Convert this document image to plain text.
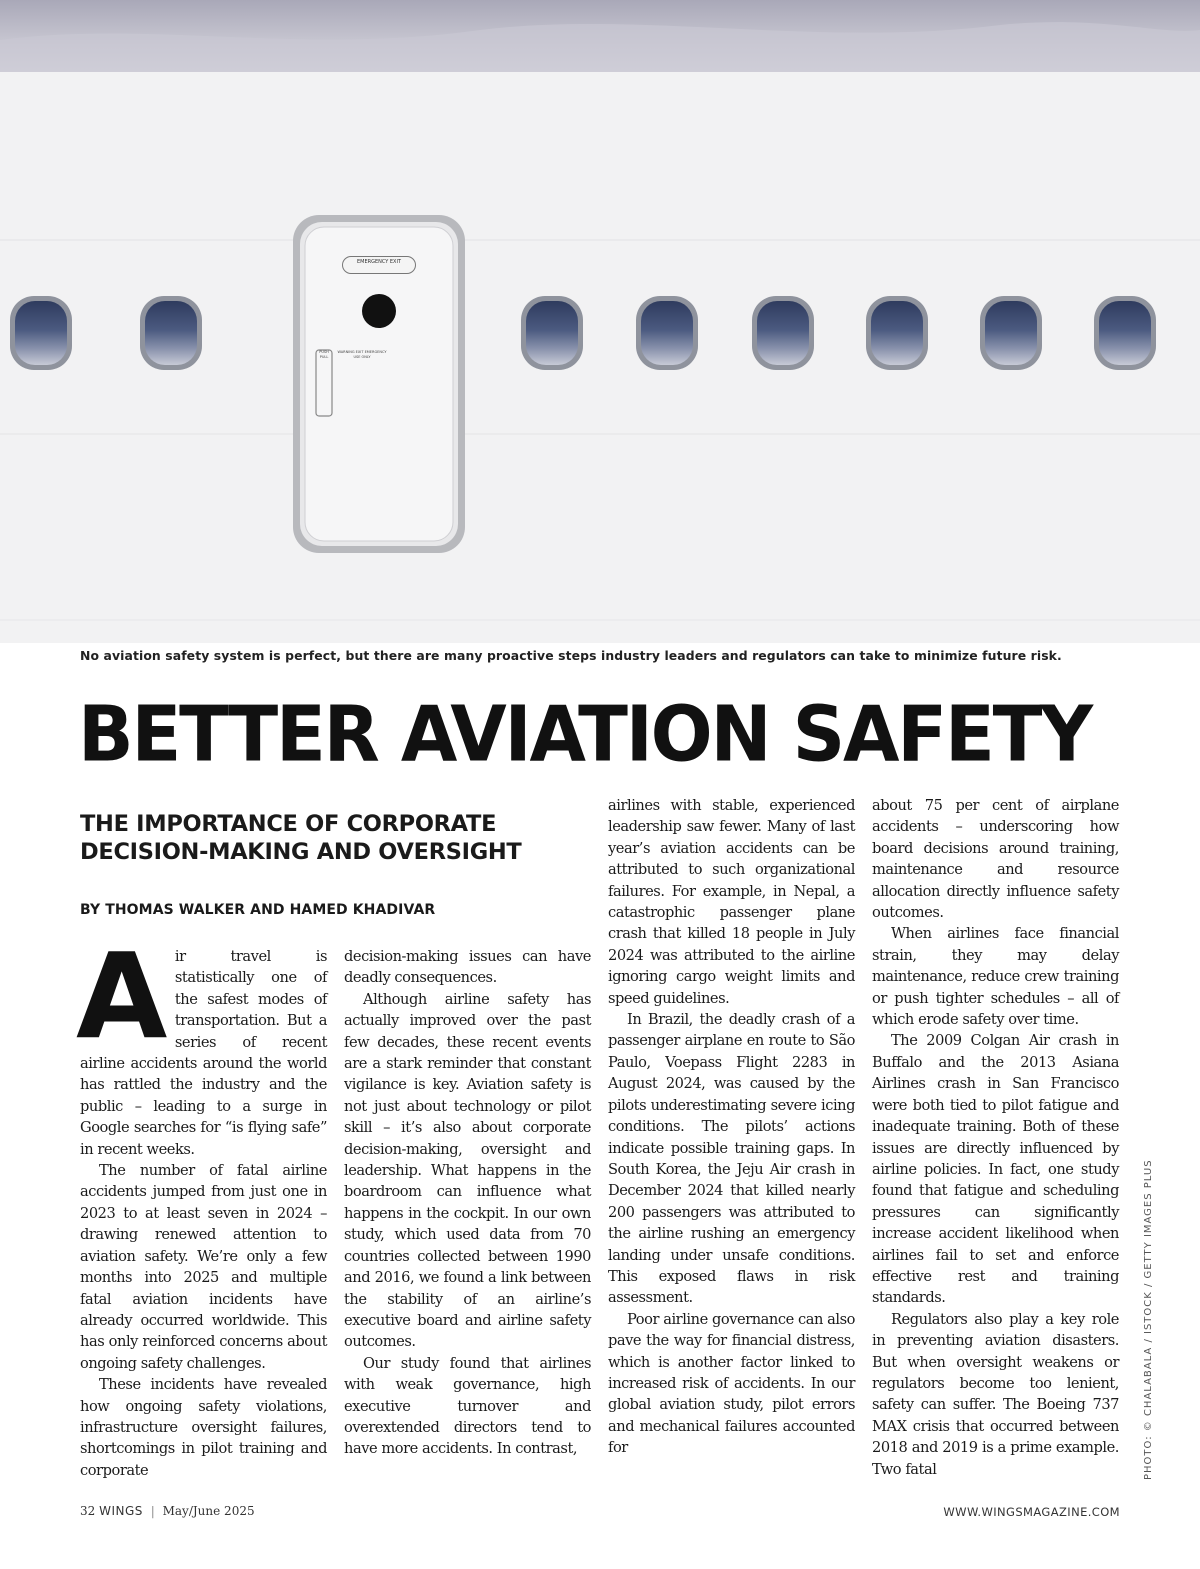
EMERGENCY EXIT
WARNING EXIT EMERGENCY USE ONLY
PUSH PULL
No aviation safety system is perfect, but there are many proactive steps industry leaders and regulators can take to minimize future risk.
BETTER AVIATION SAFETY
THE IMPORTANCE OF CORPORATE DECISION-MAKING AND OVERSIGHT
BY THOMAS WALKER AND HAMED KHADIVAR
A ir travel is statistically one of the safest modes of transportation. But a series of recent airline accidents around the world has rattled the industry and the public – leading to a surge in Google searches for “is flying safe” in recent weeks.

The number of fatal airline accidents jumped from just one in 2023 to at least seven in 2024 – drawing renewed attention to aviation safety. We’re only a few months into 2025 and multiple fatal aviation incidents have already occurred worldwide. This has only reinforced concerns about ongoing safety challenges.

These incidents have revealed how ongoing safety violations, infrastructure oversight failures, shortcomings in pilot training and corporate

decision-making issues can have deadly consequences.

Although airline safety has actually improved over the past few decades, these recent events are a stark reminder that constant vigilance is key. Aviation safety is not just about technology or pilot skill – it’s also about corporate decision-making, oversight and leadership. What happens in the boardroom can influence what happens in the cockpit. In our own study, which used data from 70 countries collected between 1990 and 2016, we found a link between the stability of an airline’s executive board and airline safety outcomes.

Our study found that airlines with weak governance, high executive turnover and overextended directors tend to have more accidents. In contrast,

airlines with stable, experienced leadership saw fewer. Many of last year’s aviation accidents can be attributed to such organizational failures. For example, in Nepal, a catastrophic passenger plane crash that killed 18 people in July 2024 was attributed to the airline ignoring cargo weight limits and speed guidelines.

In Brazil, the deadly crash of a passenger airplane en route to São Paulo, Voepass Flight 2283 in August 2024, was caused by the pilots underestimating severe icing conditions. The pilots’ actions indicate possible training gaps. In South Korea, the Jeju Air crash in December 2024 that killed nearly 200 passengers was attributed to the airline rushing an emergency landing under unsafe conditions. This exposed flaws in risk assessment.

Poor airline governance can also pave the way for financial distress, which is another factor linked to increased risk of accidents. In our global aviation study, pilot errors and mechanical failures accounted for

about 75 per cent of airplane accidents – underscoring how board decisions around training, maintenance and resource allocation directly influence safety outcomes.

When airlines face financial strain, they may delay maintenance, reduce crew training or push tighter schedules – all of which erode safety over time.

The 2009 Colgan Air crash in Buffalo and the 2013 Asiana Airlines crash in San Francisco were both tied to pilot fatigue and inadequate training. Both of these issues are directly influenced by airline policies. In fact, one study found that fatigue and scheduling pressures can significantly increase accident likelihood when airlines fail to set and enforce effective rest and training standards.

Regulators also play a key role in preventing aviation disasters. But when oversight weakens or regulators become too lenient, safety can suffer. The Boeing 737 MAX crisis that occurred between 2018 and 2019 is a prime example. Two fatal

32 WINGS | May/June 2025	WWW.WINGSMAGAZINE.COM
PHOTO: © CHALABALA / ISTOCK / GETTY IMAGES PLUS
